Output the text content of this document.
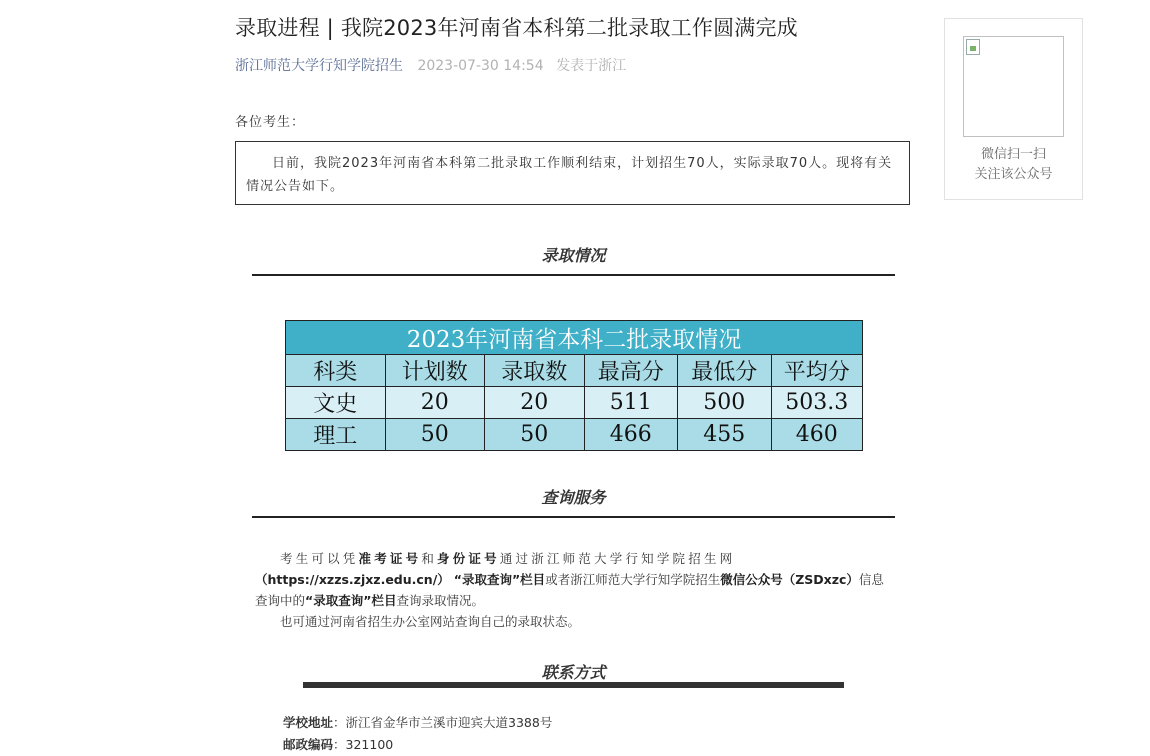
录取进程 | 我院2023年河南省本科第二批录取工作圆满完成
浙江师范大学行知学院招生 2023-07-30 14:54 发表于浙江
各位考生：
日前，我院2023年河南省本科第二批录取工作顺利结束，计划招生70人，实际录取70人。现将有关情况公告如下。
录取情况
2023年河南省本科二批录取情况					
科类	计划数	录取数	最高分	最低分	平均分
文史	20	20	511	500	503.3
理工	50	50	466	455	460
查询服务

考生可以凭准考证号和身份证号通过浙江师范大学行知学院招生网（https://xzzs.zjxz.edu.cn/） “录取查询”栏目或者浙江师范大学行知学院招生微信公众号（ZSDxzc）信息查询中的“录取查询”栏目查询录取情况。

也可通过河南省招生办公室网站查询自己的录取状态。

联系方式
学校地址：浙江省金华市兰溪市迎宾大道3388号
邮政编码：321100
微信扫一扫
关注该公众号
